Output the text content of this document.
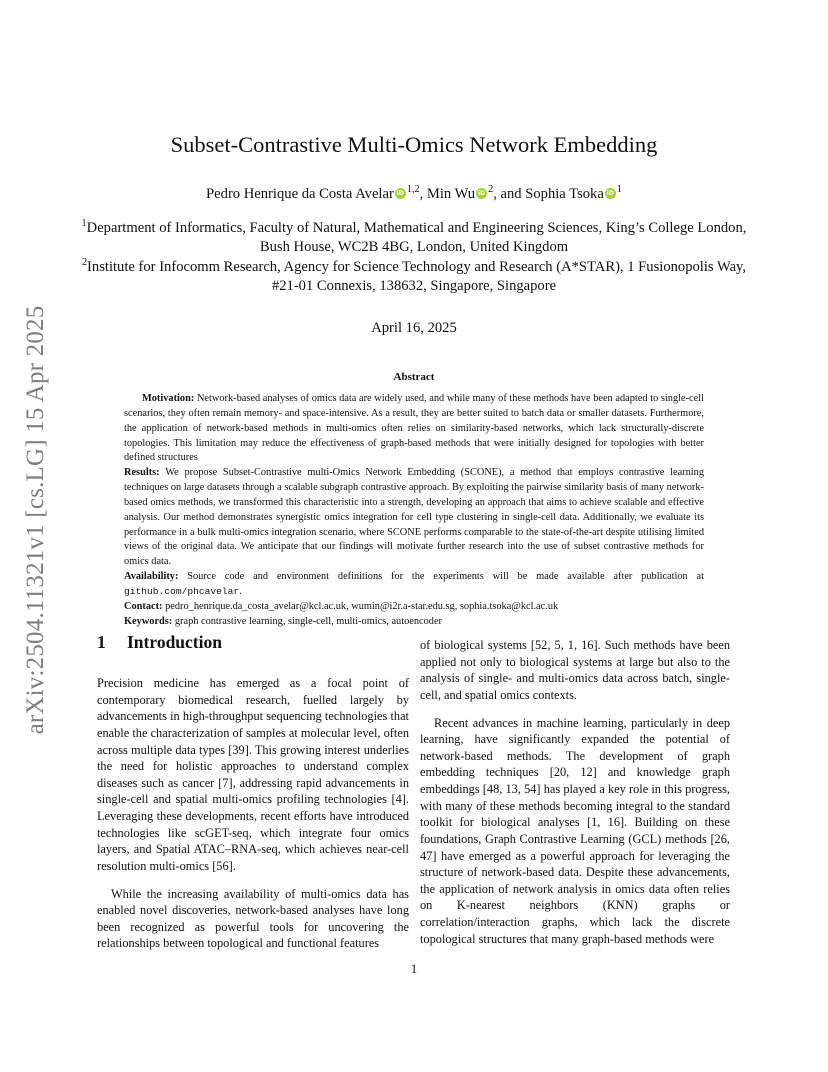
arXiv:2504.11321v1 [cs.LG] 15 Apr 2025
Subset-Contrastive Multi-Omics Network Embedding
Pedro Henrique da Costa Avelar iD $^{1,2}$, Min Wu iD $^2$, and Sophia Tsoka iD $^1$
$^1$Department of Informatics, Faculty of Natural, Mathematical and Engineering Sciences, King’s College London, Bush House, WC2B 4BG, London, United Kingdom
$^2$Institute for Infocomm Research, Agency for Science Technology and Research (A*STAR), 1 Fusionopolis Way, #21-01 Connexis, 138632, Singapore, Singapore
April 16, 2025
Abstract

Motivation: Network-based analyses of omics data are widely used, and while many of these methods have been adapted to single-cell scenarios, they often remain memory- and space-intensive. As a result, they are better suited to batch data or smaller datasets. Furthermore, the application of network-based methods in multi-omics often relies on similarity-based networks, which lack structurally-discrete topologies. This limitation may reduce the effectiveness of graph-based methods that were initially designed for topologies with better defined structures

Results: We propose Subset-Contrastive multi-Omics Network Embedding (SCONE), a method that employs contrastive learning techniques on large datasets through a scalable subgraph contrastive approach. By exploiting the pairwise similarity basis of many network-based omics methods, we transformed this characteristic into a strength, developing an approach that aims to achieve scalable and effective analysis. Our method demonstrates synergistic omics integration for cell type clustering in single-cell data. Additionally, we evaluate its performance in a bulk multi-omics integration scenario, where SCONE performs comparable to the state-of-the-art despite utilising limited views of the original data. We anticipate that our findings will motivate further research into the use of subset contrastive methods for omics data.

Availability: Source code and environment definitions for the experiments will be made available after publication at github.com/phcavelar.

Contact: pedro_henrique.da_costa_avelar@kcl.ac.uk, wumin@i2r.a-star.edu.sg, sophia.tsoka@kcl.ac.uk

Keywords: graph contrastive learning, single-cell, multi-omics, autoencoder

1 Introduction

Precision medicine has emerged as a focal point of contemporary biomedical research, fuelled largely by advancements in high-throughput sequencing technologies that enable the characterization of samples at molecular level, often across multiple data types [39]. This growing interest underlies the need for holistic approaches to understand complex diseases such as cancer [7], addressing rapid advancements in single-cell and spatial multi-omics profiling technologies [4]. Leveraging these developments, recent efforts have introduced technologies like scGET-seq, which integrate four omics layers, and Spatial ATAC–RNA-seq, which achieves near-cell resolution multi-omics [56].

While the increasing availability of multi-omics data has enabled novel discoveries, network-based analyses have long been recognized as powerful tools for uncovering the relationships between topological and functional features

of biological systems [52, 5, 1, 16]. Such methods have been applied not only to biological systems at large but also to the analysis of single- and multi-omics data across batch, single-cell, and spatial omics contexts.

Recent advances in machine learning, particularly in deep learning, have significantly expanded the potential of network-based methods. The development of graph embedding techniques [20, 12] and knowledge graph embeddings [48, 13, 54] has played a key role in this progress, with many of these methods becoming integral to the standard toolkit for biological analyses [1, 16]. Building on these foundations, Graph Contrastive Learning (GCL) methods [26, 47] have emerged as a powerful approach for leveraging the structure of network-based data. Despite these advancements, the application of network analysis in omics data often relies on K-nearest neighbors (KNN) graphs or correlation/interaction graphs, which lack the discrete topological structures that many graph-based methods were

1
